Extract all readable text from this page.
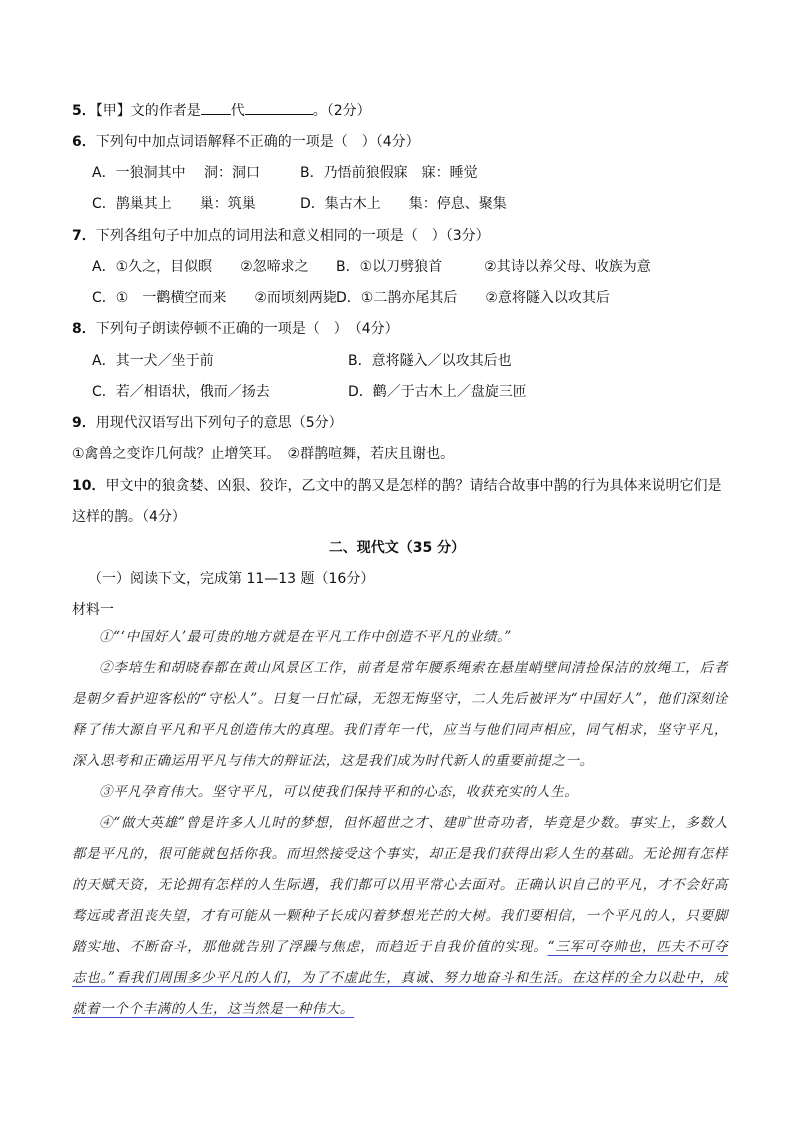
5．【甲】文的作者是 代	。（2分）
6．下列句中加点词语解释不正确的一项是（　）（4分）
A．一狼洞其中　 洞：洞口	B．乃悟前狼假寐　寐：睡觉
C．鹊巢其上　　巢：筑巢	D．集古木上　　集：停息、聚集
7．下列各组句子中加点的词用法和意义相同的一项是（　）（3分）
A．①久之，目似瞑　　②忽啼求之 B．①以刀劈狼首　　　②其诗以养父母、收族为意
C．①　一鹳横空而来　　②而顷刻两毙 D．①二鹊亦尾其后　　②意将隧入以攻其后
8．下列句子朗读停顿不正确的一项是（　）　（4分）
A．其一犬／坐于前	B．意将隧入／以攻其后也
C．若／相语状，俄而／扬去	D．鹳／于古木上／盘旋三匝
9．用现代汉语写出下列句子的意思（5分）
①禽兽之变诈几何哉？止增笑耳。　②群鹊喧舞，若庆且谢也。
10．甲文中的狼贪婪、凶狠、狡诈，乙文中的鹊又是怎样的鹊？请结合故事中鹊的行为具体来说明它们是
这样的鹊。（4分）
二、现代文（35 分）
（一）阅读下文，完成第 11—13 题（16分）
材料一

①“‘中国好人’最可贵的地方就是在平凡工作中创造不平凡的业绩。”

②李培生和胡晓春都在黄山风景区工作，前者是常年腰系绳索在悬崖峭壁间清捡保洁的放绳工，后者是朝夕看护迎客松的“守松人”。日复一日忙碌，无怨无悔坚守，二人先后被评为“中国好人”，他们深刻诠释了伟大源自平凡和平凡创造伟大的真理。我们青年一代，应当与他们同声相应，同气相求，坚守平凡，深入思考和正确运用平凡与伟大的辩证法，这是我们成为时代新人的重要前提之一。

③平凡孕育伟大。坚守平凡，可以使我们保持平和的心态，收获充实的人生。

④“做大英雄”曾是许多人儿时的梦想，但怀超世之才、建旷世奇功者，毕竟是少数。事实上，多数人都是平凡的，很可能就包括你我。而坦然接受这个事实，却正是我们获得出彩人生的基础。无论拥有怎样的天赋天资，无论拥有怎样的人生际遇，我们都可以用平常心去面对。正确认识自己的平凡，才不会好高骛远或者沮丧失望，才有可能从一颗种子长成闪着梦想光芒的大树。我们要相信，一个平凡的人，只要脚踏实地、不断奋斗，那他就告别了浮躁与焦虑，而趋近于自我价值的实现。“三军可夺帅也，匹夫不可夺志也。”看我们周围多少平凡的人们，为了不虚此生，真诚、努力地奋斗和生活。在这样的全力以赴中，成就着一个个丰满的人生，这当然是一种伟大。
